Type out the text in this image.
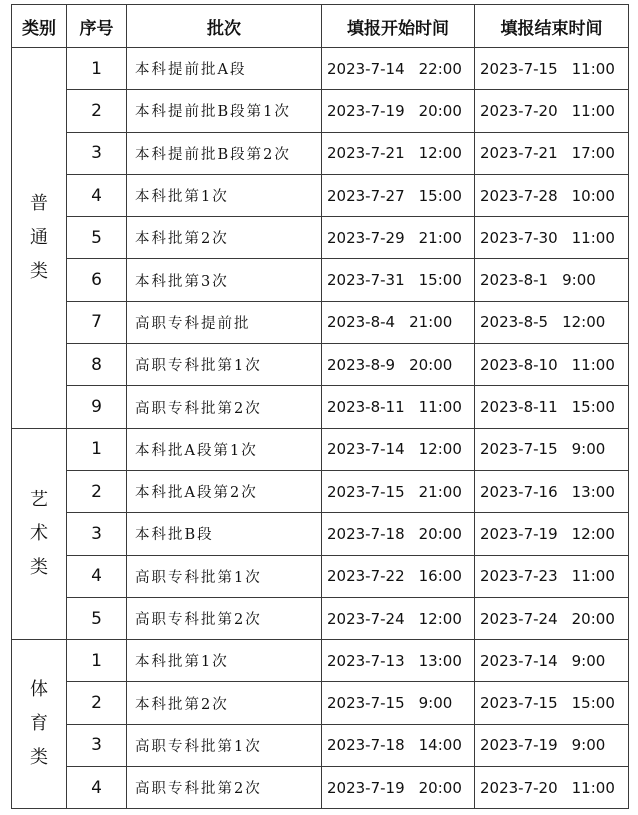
类别	序号	批次	填报开始时间	填报结束时间

普通类	1	本科提前批A段	2023-7-14 22:00	2023-7-15 11:00
	2	本科提前批B段第1次	2023-7-19 20:00	2023-7-20 11:00
	3	本科提前批B段第2次	2023-7-21 12:00	2023-7-21 17:00
	4	本科批第1次	2023-7-27 15:00	2023-7-28 10:00
	5	本科批第2次	2023-7-29 21:00	2023-7-30 11:00
	6	本科批第3次	2023-7-31 15:00	2023-8-1 9:00
	7	高职专科提前批	2023-8-4 21:00	2023-8-5 12:00
	8	高职专科批第1次	2023-8-9 20:00	2023-8-10 11:00
	9	高职专科批第2次	2023-8-11 11:00	2023-8-11 15:00

艺术类	1	本科批A段第1次	2023-7-14 12:00	2023-7-15 9:00
	2	本科批A段第2次	2023-7-15 21:00	2023-7-16 13:00
	3	本科批B段	2023-7-18 20:00	2023-7-19 12:00
	4	高职专科批第1次	2023-7-22 16:00	2023-7-23 11:00
	5	高职专科批第2次	2023-7-24 12:00	2023-7-24 20:00

体育类	1	本科批第1次	2023-7-13 13:00	2023-7-14 9:00
	2	本科批第2次	2023-7-15 9:00	2023-7-15 15:00
	3	高职专科批第1次	2023-7-18 14:00	2023-7-19 9:00
	4	高职专科批第2次	2023-7-19 20:00	2023-7-20 11:00
